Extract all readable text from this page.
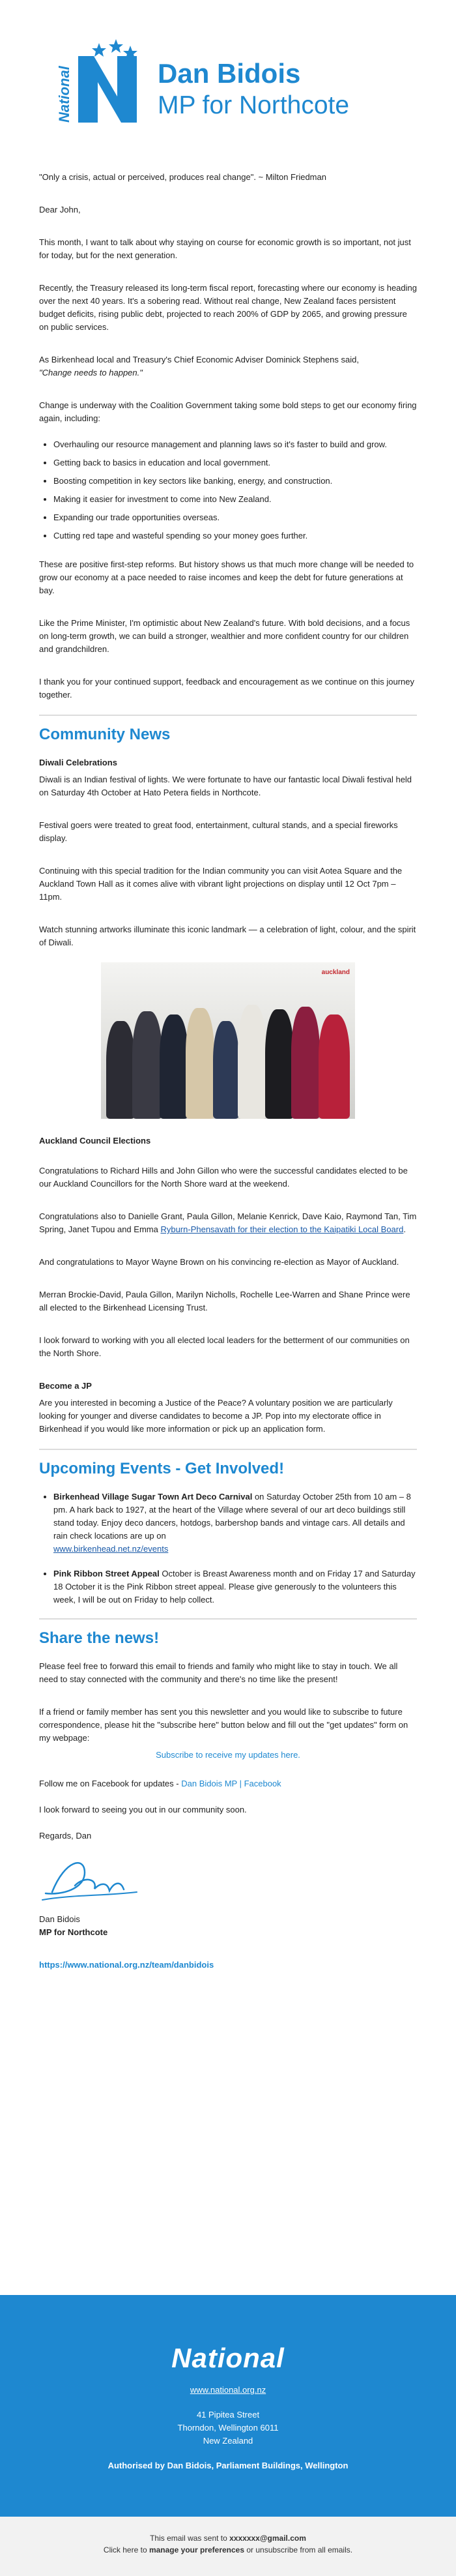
National	Dan Bidois
MP for Northcote

"Only a crisis, actual or perceived, produces real change". ~ Milton Friedman

Dear John,

This month, I want to talk about why staying on course for economic growth is so important, not just for today, but for the next generation.

Recently, the Treasury released its long-term fiscal report, forecasting where our economy is heading over the next 40 years. It's a sobering read. Without real change, New Zealand faces persistent budget deficits, rising public debt, projected to reach 200% of GDP by 2065, and growing pressure on public services.

As Birkenhead local and Treasury's Chief Economic Adviser Dominick Stephens said,
"Change needs to happen."

Change is underway with the Coalition Government taking some bold steps to get our economy firing again, including:

• Overhauling our resource management and planning laws so it's faster to build and grow.
• Getting back to basics in education and local government.
• Boosting competition in key sectors like banking, energy, and construction.
• Making it easier for investment to come into New Zealand.
• Expanding our trade opportunities overseas.
• Cutting red tape and wasteful spending so your money goes further.

These are positive first-step reforms. But history shows us that much more change will be needed to grow our economy at a pace needed to raise incomes and keep the debt for future generations at bay.

Like the Prime Minister, I'm optimistic about New Zealand's future. With bold decisions, and a focus on long-term growth, we can build a stronger, wealthier and more confident country for our children and grandchildren.

I thank you for your continued support, feedback and encouragement as we continue on this journey together.

Community News
Diwali Celebrations

Diwali is an Indian festival of lights. We were fortunate to have our fantastic local Diwali festival held on Saturday 4th October at Hato Petera fields in Northcote.

Festival goers were treated to great food, entertainment, cultural stands, and a special fireworks display.

Continuing with this special tradition for the Indian community you can visit Aotea Square and the Auckland Town Hall as it comes alive with vibrant light projections on display until 12 Oct 7pm – 11pm.

Watch stunning artworks illuminate this iconic landmark — a celebration of light, colour, and the spirit of Diwali.

auckland
Auckland Council Elections

Congratulations to Richard Hills and John Gillon who were the successful candidates elected to be our Auckland Councillors for the North Shore ward at the weekend.

Congratulations also to Danielle Grant, Paula Gillon, Melanie Kenrick, Dave Kaio, Raymond Tan, Tim Spring, Janet Tupou and Emma Ryburn-Phensavath for their election to the Kaipatiki Local Board.

And congratulations to Mayor Wayne Brown on his convincing re-election as Mayor of Auckland.

Merran Brockie-David, Paula Gillon, Marilyn Nicholls, Rochelle Lee-Warren and Shane Prince were all elected to the Birkenhead Licensing Trust.

I look forward to working with you all elected local leaders for the betterment of our communities on the North Shore.

Become a JP

Are you interested in becoming a Justice of the Peace? A voluntary position we are particularly looking for younger and diverse candidates to become a JP. Pop into my electorate office in Birkenhead if you would like more information or pick up an application form.

Upcoming Events - Get Involved!
• Birkenhead Village Sugar Town Art Deco Carnival on Saturday October 25th from 10 am – 8 pm. A hark back to 1927, at the heart of the Village where several of our art deco buildings still stand today. Enjoy deco dancers, hotdogs, barbershop bands and vintage cars. All details and rain check locations are up on
www.birkenhead.net.nz/events
• Pink Ribbon Street Appeal October is Breast Awareness month and on Friday 17 and Saturday 18 October it is the Pink Ribbon street appeal. Please give generously to the volunteers this week, I will be out on Friday to help collect.
Share the news!

Please feel free to forward this email to friends and family who might like to stay in touch. We all need to stay connected with the community and there's no time like the present!

If a friend or family member has sent you this newsletter and you would like to subscribe to future correspondence, please hit the "subscribe here" button below and fill out the "get updates" form on my webpage:

Subscribe to receive my updates here.

Follow me on Facebook for updates - Dan Bidois MP | Facebook

I look forward to seeing you out in our community soon.

Regards, Dan

Dan Bidois
MP for Northcote

https://www.national.org.nz/team/danbidois

National
www.national.org.nz
41 Pipitea Street
Thorndon, Wellington 6011
New Zealand
Authorised by Dan Bidois, Parliament Buildings, Wellington
This email was sent to xxxxxxx@gmail.com
Click here to manage your preferences or unsubscribe from all emails.
